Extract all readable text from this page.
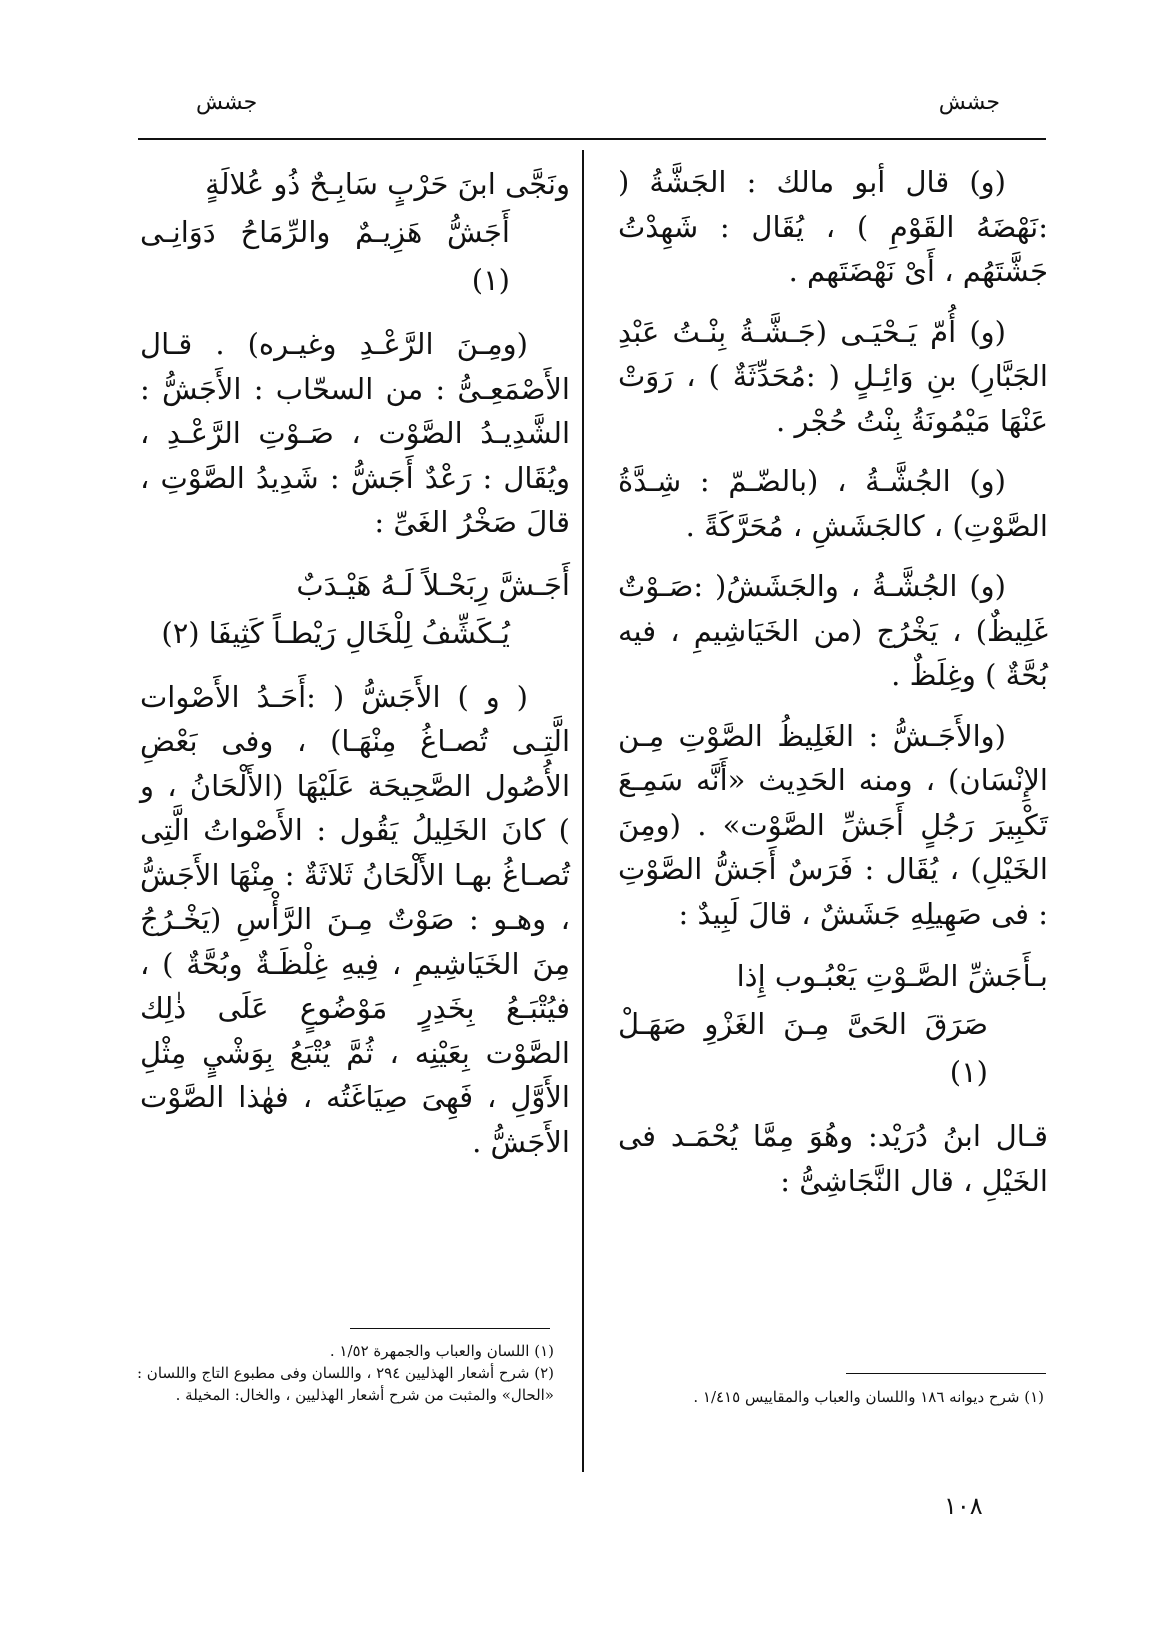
جشش
جشش

(و) قال أبو مالك : الجَشَّةُ ( :نَهْضَهُ القَوْمِ ) ، يُقَال : شَهِدْتُ جَشَّتَهُم ، أَىْ نَهْضَتَهم .

(و) أُمّ يَـحْيَـى (جَـشَّـةُ بِنْـتُ عَبْدِ الجَبَّارِ) بنِ وَائِـلٍ ( :مُحَدِّثَةٌ ) ، رَوَتْ عَنْهَا مَيْمُونَةُ بِنْتُ حُجْر .

(و) الجُشَّـةُ ، (بالضّـمّ : شِـدَّةُ الصَّوْتِ) ، كالجَشَشِ ، مُحَرَّكَةً .

(و) الجُشَّـةُ ، والجَشَشُ( :صَـوْتٌ غَلِيظٌ) ، يَخْرُج (من الخَيَاشِيمِ ، فيه بُحَّةٌ ) وغِلَظٌ .

(والأَجَـشُّ : الغَلِيظُ الصَّوْتِ مِـن الإِنْسَان) ، ومنه الحَدِيث «أَنَّه سَمِـعَ تَكْبِيرَ رَجُلٍ أَجَشِّ الصَّوْت» . (ومِنَ الخَيْلِ) ، يُقَال : فَرَسٌ أَجَشُّ الصَّوْتِ : فى صَهِيلِهِ جَشَشٌ ، قالَ لَبِيدٌ :

بـأَجَشِّ الصَّـوْتِ يَعْبُـوب إِذا
صَرَقَ الحَىَّ مِـنَ الغَزْوِ صَهَـلْ (١)

قـال ابنُ دُرَيْد: وهُوَ مِمَّا يُحْمَـد فى الخَيْلِ ، قال النَّجَاشِىُّ :

ونَجَّى ابنَ حَرْبٍ سَابِـحٌ ذُو عُلالَةٍ
أَجَشُّ هَزِيـمٌ والرِّمَاحُ دَوَانِـى (١)

(ومِـنَ الرَّعْـدِ وغيـره) . قـال الأَصْمَعِـىُّ : من السحّاب : الأَجَشُّ : الشَّدِيـدُ الصَّوْت ، صَـوْتِ الرَّعْـدِ ، ويُقَال : رَعْدٌ أَجَشُّ : شَدِيدُ الصَّوْتِ ، قالَ صَخْرُ الغَىِّ :

أَجَـشَّ رِبَحْـلاً لَـهُ هَيْـدَبٌ
يُـكَشِّفُ لِلْخَالِ رَيْطـاً كَثِيفَا (٢)

( و ) الأَجَشُّ ( :أَحَـدُ الأَصْوات الَّتِـى تُصـاغُ مِنْهَـا) ، وفى بَعْضِ الأُصُول الصَّحِيحَة عَلَيْهَا (الأَلْحَانُ ، و ) كانَ الخَلِيلُ يَقُول : الأَصْواتُ الَّتِى تُصـاغُ بهـا الأَلْحَانُ ثَلاثَةٌ : مِنْهَا الأَجَشُّ ، وهـو : صَوْتٌ مِـنَ الرَّأْسِ (يَخْـرُجُ مِنَ الخَيَاشِيمِ ، فِيهِ غِلْظَـةٌ وبُحَّةٌ ) ، فيُتْبَـعُ بِخَدِرٍ مَوْضُوعٍ عَلَى ذٰلِك الصَّوْت بِعَيْنِه ، ثُمَّ يُتْبَعُ بِوَشْيٍ مِثْلِ الأَوَّلِ ، فَهِىَ صِيَاغَتُه ، فهٰذا الصَّوْت الأَجَشُّ .

(١) شرح ديوانه ١٨٦ واللسان والعباب والمقاييس ١/٤١٥ .
(١) اللسان والعباب والجمهرة ١/٥٢ .
(٢) شرح أشعار الهذليين ٢٩٤ ، واللسان وفى مطبوع التاج واللسان : «الحال» والمثبت من شرح أشعار الهذليين ، والخال: المخيلة .
١٠٨
